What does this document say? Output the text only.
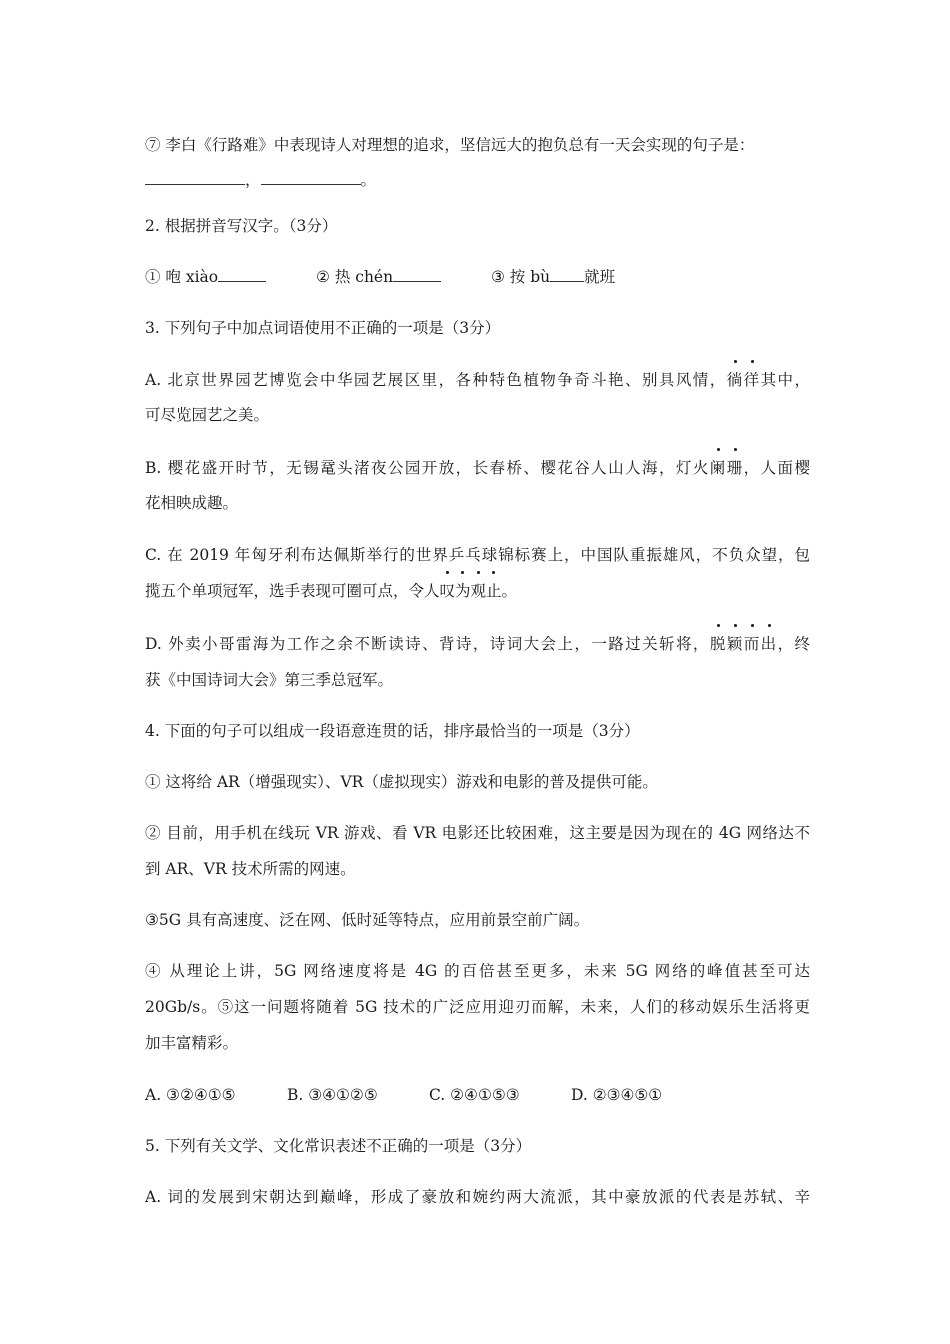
⑦ 李白《行路难》中表现诗人对理想的追求，坚信远大的抱负总有一天会实现的句子是：
，	。
2. 根据拼音写汉字。（3分）
① 咆 xiào	② 热 chén	③ 按 bù 就班
3. 下列句子中加点词语使用不正确的一项是（3分）
A. 北京世界园艺博览会中华园艺展区里，各种特色植物争奇斗艳、别具风情，
徜徉其中，
可尽览园艺之美。
B. 樱花盛开时节，无锡鼋头渚夜公园开放，长春桥、樱花谷人山人海，灯火
阑珊，人面樱
花相映成趣。
C. 在 2019 年匈牙利布达佩斯举行的世界乒乓球锦标赛上，中国队重振雄风，不负众望，包
揽五个单项冠军，选手表现可圈可点，令人
叹为观止。
D. 外卖小哥雷海为工作之余不断读诗、背诗，诗词大会上，一路过关斩将，
脱颖而出，终
获《中国诗词大会》第三季总冠军。
4. 下面的句子可以组成一段语意连贯的话，排序最恰当的一项是（3分）
① 这将给 AR（增强现实）、VR（虚拟现实）游戏和电影的普及提供可能。
② 目前，用手机在线玩 VR 游戏、看 VR 电影还比较困难，这主要是因为现在的 4G 网络达不
到 AR、VR 技术所需的网速。
③5G 具有高速度、泛在网、低时延等特点，应用前景空前广阔。
④ 从理论上讲，5G 网络速度将是 4G 的百倍甚至更多，未来 5G 网络的峰值甚至可达
20Gb/s。⑤这一问题将随着 5G 技术的广泛应用迎刃而解，未来，人们的移动娱乐生活将更
加丰富精彩。
A. ③②④①⑤	B. ③④①②⑤	C. ②④①⑤③	D. ②③④⑤①
5. 下列有关文学、文化常识表述不正确的一项是（3分）
A. 词的发展到宋朝达到巅峰，形成了豪放和婉约两大流派，其中豪放派的代表是苏轼、辛
